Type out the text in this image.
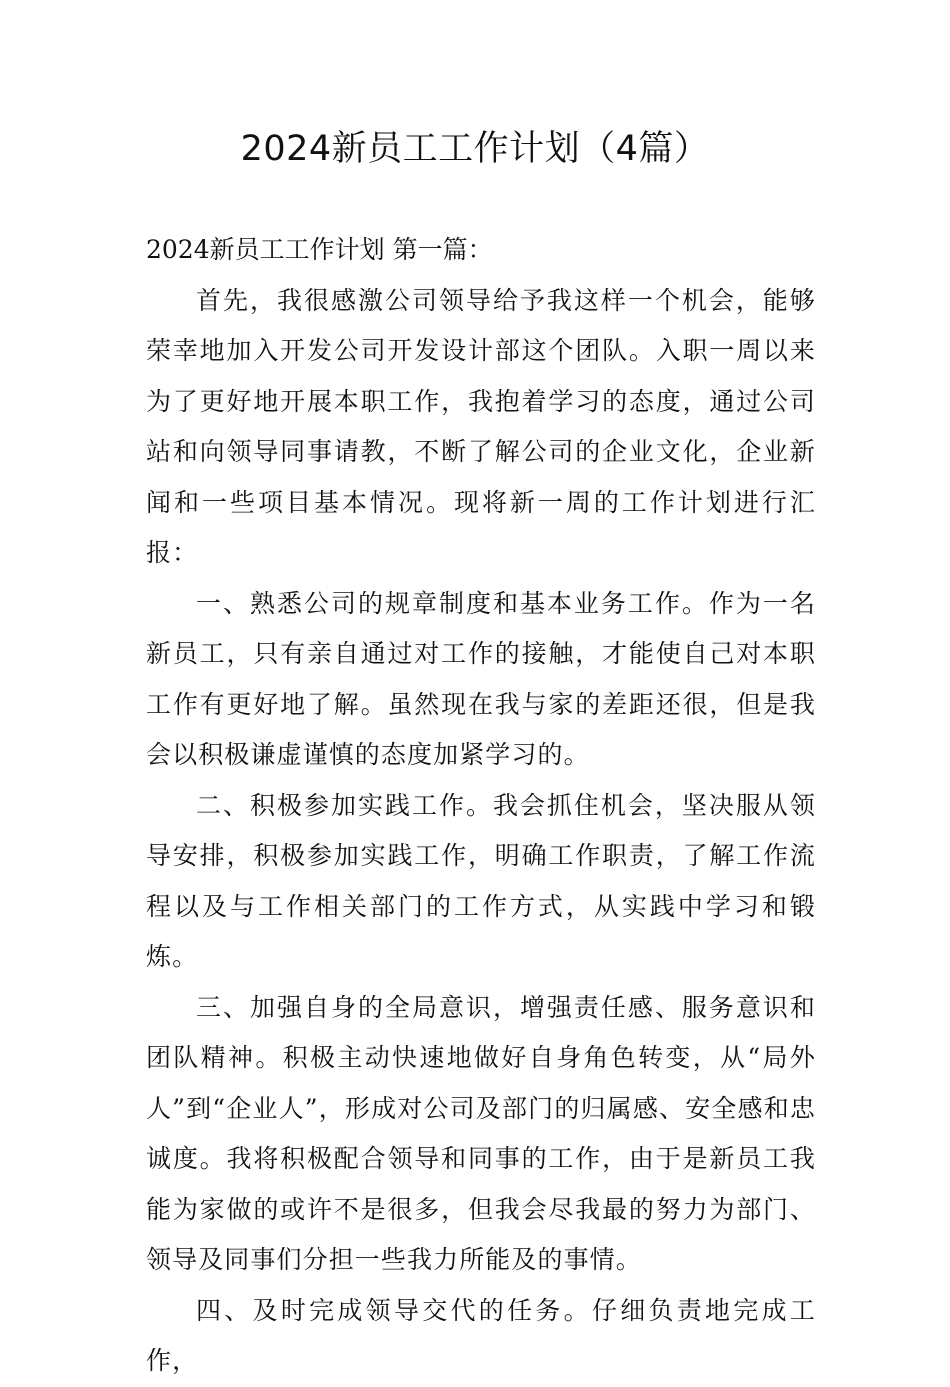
2024新员工工作计划（4篇）

2024新员工工作计划 第一篇：

首先，我很感激公司领导给予我这样一个机会，能够荣幸地加入开发公司开发设计部这个团队。入职一周以来为了更好地开展本职工作，我抱着学习的态度，通过公司站和向领导同事请教，不断了解公司的企业文化，企业新闻和一些项目基本情况。现将新一周的工作计划进行汇报：

一、熟悉公司的规章制度和基本业务工作。作为一名新员工，只有亲自通过对工作的接触，才能使自己对本职工作有更好地了解。虽然现在我与家的差距还很，但是我会以积极谦虚谨慎的态度加紧学习的。

二、积极参加实践工作。我会抓住机会，坚决服从领导安排，积极参加实践工作，明确工作职责，了解工作流程以及与工作相关部门的工作方式，从实践中学习和锻炼。

三、加强自身的全局意识，增强责任感、服务意识和团队精神。积极主动快速地做好自身角色转变，从“局外人”到“企业人”，形成对公司及部门的归属感、安全感和忠诚度。我将积极配合领导和同事的工作，由于是新员工我能为家做的或许不是很多，但我会尽我最的努力为部门、领导及同事们分担一些我力所能及的事情。

四、及时完成领导交代的任务。仔细负责地完成工作，
